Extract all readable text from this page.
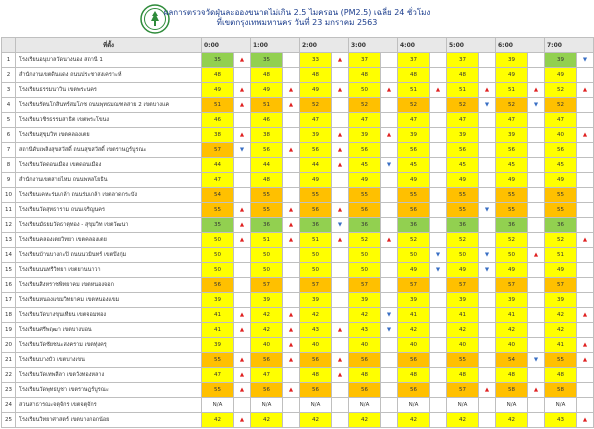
ผลการตรวจวัดฝุ่นละอองขนาดไม่เกิน 2.5 ไมครอน (PM2.5) เฉลี่ย 24 ชั่วโมง
ที่เขตกรุงเทพมหานคร วันที่ 23 มกราคม 2563
	ที่ตั้ง	0:00		1:00		2:00		3:00		4:00		5:00		6:00		7:00	
1	โรงเรียนอนุบาลวัดนางนอง สถานี 1	35	▲	35		33	▲	37		37		37		39		39	▼
2	สำนักงานเขตดินแดง ถนนประชาสงเคราะห์	48		48		48		48		48		48		49		49	
3	โรงเรียนธรรมนาวิน เขตพระนคร	49	▲	49	▲	49	▲	50	▲	51	▲	51	▲	51	▲	52	▲
4	โรงเรียนรัตนโกสินทร์สมโภช ถนนพุทธมณฑลสาย 2 เขตบางแค	51	▲	51	▲	52		52		52		52	▼	52	▼	52	
5	โรงเรียนวชิรธรรมสาธิต เขตพระโขนง	46		46		47		47		47		47		47		47	
6	โรงเรียนสุขุมวิท เขตคลองเตย	38	▲	38		39	▲	39	▲	39		39		39		40	▲
7	สถานีดับเพลิงสุขสวัสดิ์ ถนนสุขสวัสดิ์ เขตราษฎร์บูรณะ	57	▼	56	▲	56	▲	56		56		56		56		56	
8	โรงเรียนวัดดอนเมือง เขตดอนเมือง	44		44		44	▲	45	▼	45		45		45		45	
9	สำนักงานเขตสายไหม ถนนพหลโยธิน	47		48		49		49		49		49		49		49	
10	โรงเรียนเคหะร่มเกล้า ถนนร่มเกล้า เขตลาดกระบัง	54		55		55		55		55		55		55		55	
11	โรงเรียนวัดสุทธาราม ถนนเจริญนคร	55	▲	55	▲	56	▲	56		56		55	▼	55		55	
12	โรงเรียนมัธยมวัดธาตุทอง - สุขุมวิท เขตวัฒนา	35	▲	36	▲	36	▼	36		36		36		36		36	
13	โรงเรียนคลองเตยวิทยา เขตคลองเตย	50	▲	51	▲	51	▲	52	▲	52		52		52		52	▲
14	โรงเรียนบ้านบางกะปิ ถนนนวมินทร์ เขตบึงกุ่ม	50		50		50		50		50	▼	50	▼	50	▲	51	
15	โรงเรียนนนทรีวิทยา เขตยานนาวา	50		50		50		50		49	▼	49	▼	49		49	
16	โรงเรียนสิงหราชพิทยาคม เขตหนองจอก	56		57		57		57		57		57		57		57	
17	โรงเรียนหนองแขมวิทยาคม เขตหนองแขม	39		39		39		39		39		39		39		39	
18	โรงเรียนวัดบางขุนเทียน เขตจอมทอง	41	▲	42	▲	42		42	▼	41		41		41		42	▲
19	โรงเรียนศรีพฤฒา เขตบางบอน	41	▲	42	▲	43	▲	43	▼	42		42		42		42	
20	โรงเรียนวัดชัยชนะสงคราม เขตทุ่งครุ	39		40	▲	40		40		40		40		40		41	▲
21	โรงเรียนบางบัว เขตบางเขน	55	▲	56	▲	56	▲	56		56		55		54	▼	55	▲
22	โรงเรียนวัดเทพลีลา เขตวังทองหลาง	47	▲	47		48	▲	48		48		48		48		48	
23	โรงเรียนวัดพุทธบูชา เขตราษฎร์บูรณะ	55	▲	56	▲	56		56		56		57	▲	58	▲	58	
24	สวนสาธารณะจตุจักร เขตจตุจักร	N/A		N/A		N/A		N/A		N/A		N/A		N/A		N/A	
25	โรงเรียนวิทยาศาสตร์ เขตบางกอกน้อย	42	▲	42		42		42		42		42		42		43	▲
